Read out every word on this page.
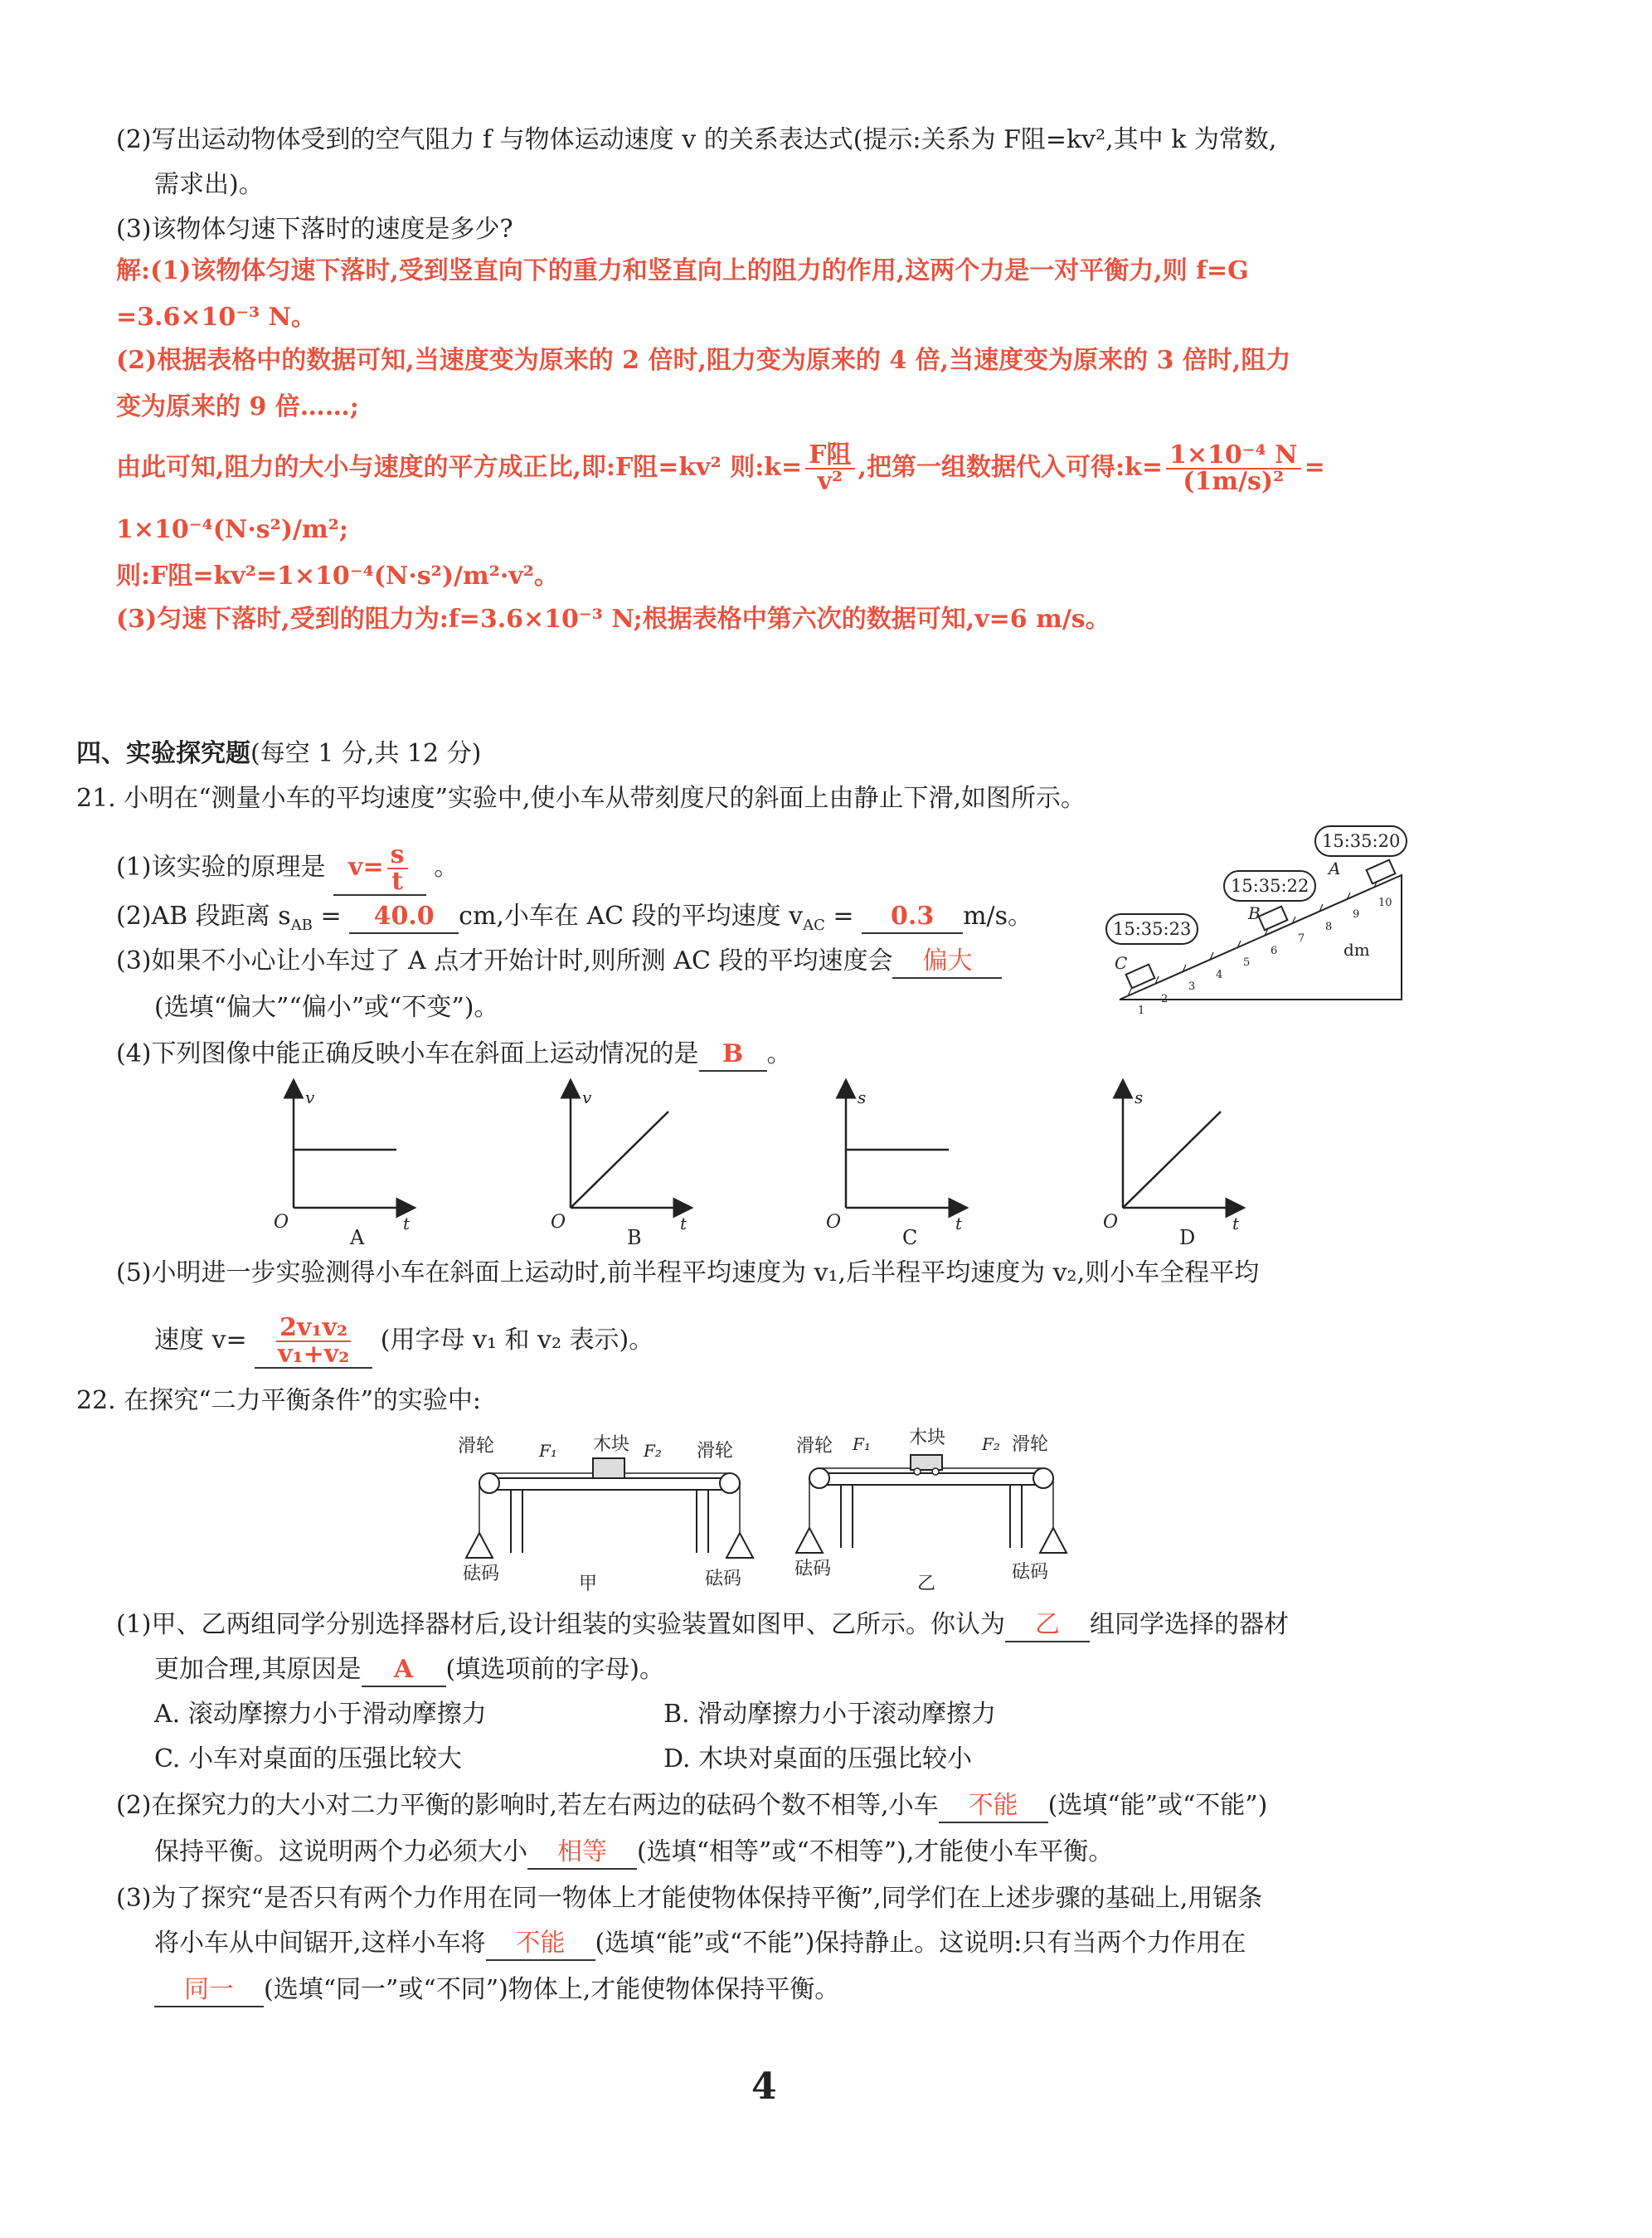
(2)写出运动物体受到的空气阻力 f 与物体运动速度 v 的关系表达式(提示:关系为 F阻=kv²,其中 k 为常数,
需求出)。
(3)该物体匀速下落时的速度是多少?
解:(1)该物体匀速下落时,受到竖直向下的重力和竖直向上的阻力的作用,这两个力是一对平衡力,则 f=G
=3.6×10⁻³ N。
(2)根据表格中的数据可知,当速度变为原来的 2 倍时,阻力变为原来的 4 倍,当速度变为原来的 3 倍时,阻力
变为原来的 9 倍……;
由此可知,阻力的大小与速度的平方成正比,即:F阻=kv² 则:k= $\frac{\text{F阻}}{\text{v²}}$ ,把第一组数据代入可得:k= $\frac{\text{1×10⁻⁴ N}}{\text{(1m/s)²}}$ =
1×10⁻⁴(N·s²)/m²;
则:F阻=kv²=1×10⁻⁴(N·s²)/m²·v²。
(3)匀速下落时,受到的阻力为:f=3.6×10⁻³ N;根据表格中第六次的数据可知,v=6 m/s。
四、实验探究题(每空 1 分,共 12 分)
21. 小明在“测量小车的平均速度”实验中,使小车从带刻度尺的斜面上由静止下滑,如图所示。
(1)该实验的原理是 $v= \frac{s}{t}$ 。
(2)AB 段距离 $s_{AB} = 40.0$ cm,小车在 AC 段的平均速度 $v_{AC} = 0.3$ m/s。
(3)如果不小心让小车过了 A 点才开始计时,则所测 AC 段的平均速度会 偏大
(选填“偏大”“偏小”或“不变”)。
(4)下列图像中能正确反映小车在斜面上运动情况的是 B 。
1
2
3
4
5
6
7
8
9
10
dm
C
B
A
15:35:23
15:35:22
15:35:20
v
t
O
A
v
t
O
B
s
t
O
C
s
t
O
D
(5)小明进一步实验测得小车在斜面上运动时,前半程平均速度为 v₁,后半程平均速度为 v₂,则小车全程平均
速度 $v= \frac{\text{2v₁v₂}}{\text{v₁+v₂}}$ (用字母 v₁ 和 v₂ 表示)。
22. 在探究“二力平衡条件”的实验中:
滑轮	滑轮
木块
F₁	F₂
砝码	砝码
甲
滑轮	滑轮
木块
F₁	F₂
砝码	砝码
乙
(1)甲、乙两组同学分别选择器材后,设计组装的实验装置如图甲、乙所示。你认为 乙 组同学选择的器材
更加合理,其原因是 A (填选项前的字母)。
A. 滚动摩擦力小于滑动摩擦力	B. 滑动摩擦力小于滚动摩擦力
C. 小车对桌面的压强比较大	D. 木块对桌面的压强比较小
(2)在探究力的大小对二力平衡的影响时,若左右两边的砝码个数不相等,小车 不能 (选填“能”或“不能”)
保持平衡。这说明两个力必须大小 相等 (选填“相等”或“不相等”),才能使小车平衡。
(3)为了探究“是否只有两个力作用在同一物体上才能使物体保持平衡”,同学们在上述步骤的基础上,用锯条
将小车从中间锯开,这样小车将 不能 (选填“能”或“不能”)保持静止。这说明:只有当两个力作用在
同一 (选填“同一”或“不同”)物体上,才能使物体保持平衡。
4
